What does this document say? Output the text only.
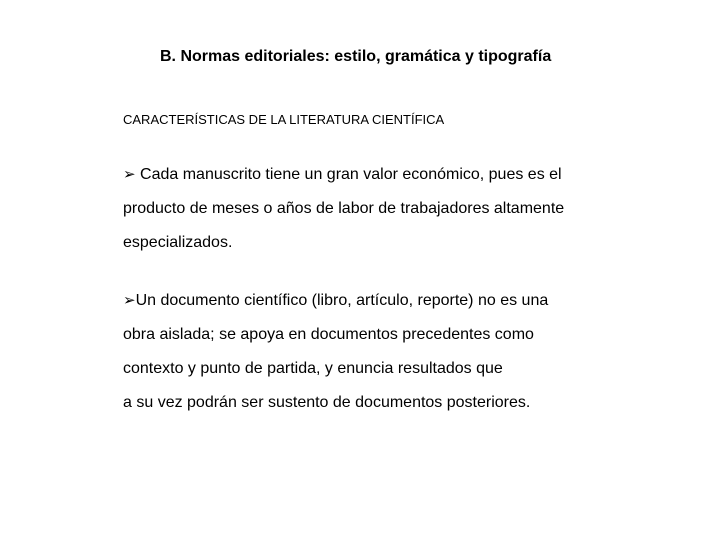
B. Normas editoriales: estilo, gramática y tipografía
CARACTERÍSTICAS DE LA LITERATURA CIENTÍFICA
➢ Cada manuscrito tiene un gran valor económico, pues es el
producto de meses o años de labor de trabajadores altamente
especializados.
➢Un documento científico (libro, artículo, reporte) no es una
obra aislada; se apoya en documentos precedentes como
contexto y punto de partida, y enuncia resultados que
a su vez podrán ser sustento de documentos posteriores.
